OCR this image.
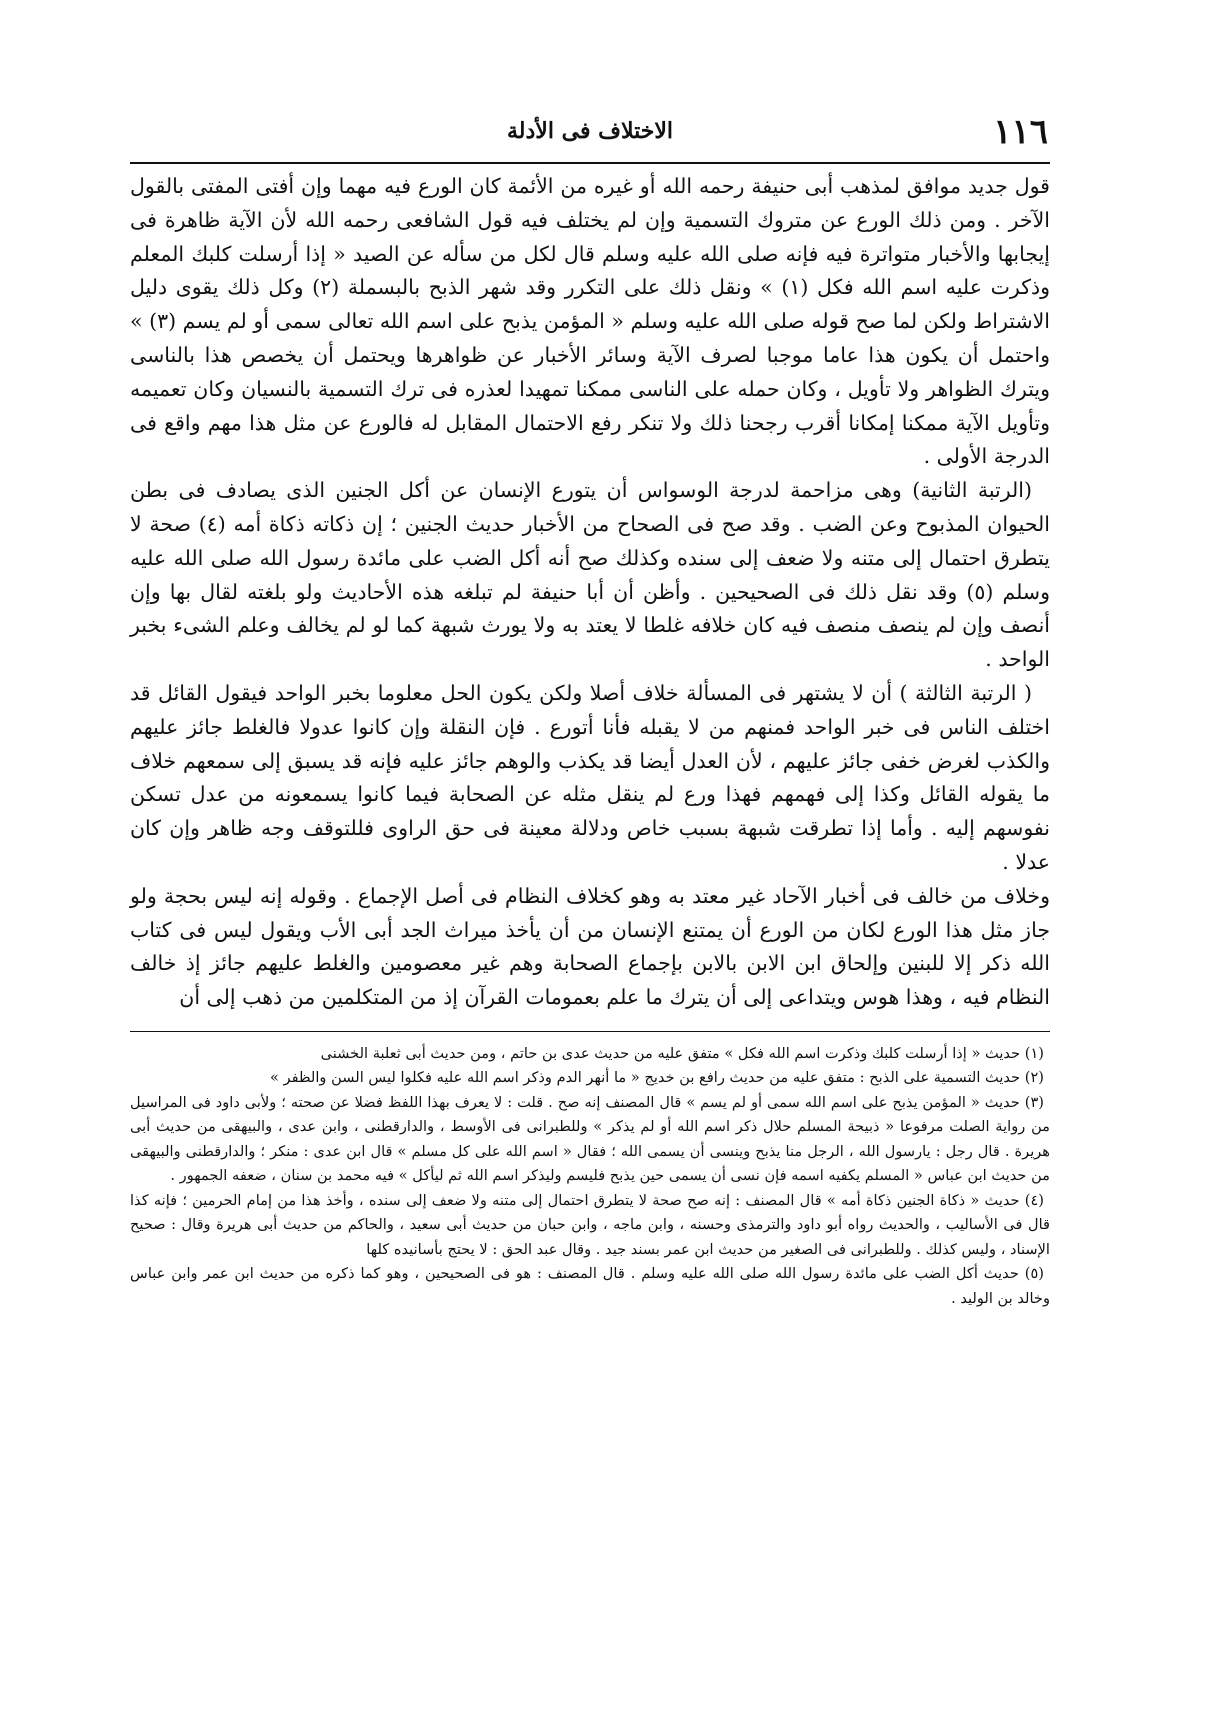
١١٦
الاختلاف فى الأدلة

قول جديد موافق لمذهب أبى حنيفة رحمه الله أو غيره من الأئمة كان الورع فيه مهما وإن أفتى المفتى بالقول الآخر . ومن ذلك الورع عن متروك التسمية وإن لم يختلف فيه قول الشافعى رحمه الله لأن الآية ظاهرة فى إيجابها والأخبار متواترة فيه فإنه صلى الله عليه وسلم قال لكل من سأله عن الصيد « إذا أرسلت كلبك المعلم وذكرت عليه اسم الله فكل (١) » ونقل ذلك على التكرر وقد شهر الذبح بالبسملة (٢) وكل ذلك يقوى دليل الاشتراط ولكن لما صح قوله صلى الله عليه وسلم « المؤمن يذبح على اسم الله تعالى سمى أو لم يسم (٣) » واحتمل أن يكون هذا عاما موجبا لصرف الآية وسائر الأخبار عن ظواهرها ويحتمل أن يخصص هذا بالناسى ويترك الظواهر ولا تأويل ، وكان حمله على الناسى ممكنا تمهيدا لعذره فى ترك التسمية بالنسيان وكان تعميمه وتأويل الآية ممكنا إمكانا أقرب رجحنا ذلك ولا تنكر رفع الاحتمال المقابل له فالورع عن مثل هذا مهم واقع فى الدرجة الأولى .

(الرتبة الثانية) وهى مزاحمة لدرجة الوسواس أن يتورع الإنسان عن أكل الجنين الذى يصادف فى بطن الحيوان المذبوح وعن الضب . وقد صح فى الصحاح من الأخبار حديث الجنين ؛ إن ذكاته ذكاة أمه (٤) صحة لا يتطرق احتمال إلى متنه ولا ضعف إلى سنده وكذلك صح أنه أكل الضب على مائدة رسول الله صلى الله عليه وسلم (٥) وقد نقل ذلك فى الصحيحين . وأظن أن أبا حنيفة لم تبلغه هذه الأحاديث ولو بلغته لقال بها وإن أنصف وإن لم ينصف منصف فيه كان خلافه غلطا لا يعتد به ولا يورث شبهة كما لو لم يخالف وعلم الشىء بخبر الواحد .

( الرتبة الثالثة ) أن لا يشتهر فى المسألة خلاف أصلا ولكن يكون الحل معلوما بخبر الواحد فيقول القائل قد اختلف الناس فى خبر الواحد فمنهم من لا يقبله فأنا أتورع . فإن النقلة وإن كانوا عدولا فالغلط جائز عليهم والكذب لغرض خفى جائز عليهم ، لأن العدل أيضا قد يكذب والوهم جائز عليه فإنه قد يسبق إلى سمعهم خلاف ما يقوله القائل وكذا إلى فهمهم فهذا ورع لم ينقل مثله عن الصحابة فيما كانوا يسمعونه من عدل تسكن نفوسهم إليه . وأما إذا تطرقت شبهة بسبب خاص ودلالة معينة فى حق الراوى فللتوقف وجه ظاهر وإن كان عدلا .

وخلاف من خالف فى أخبار الآحاد غير معتد به وهو كخلاف النظام فى أصل الإجماع . وقوله إنه ليس بحجة ولو جاز مثل هذا الورع لكان من الورع أن يمتنع الإنسان من أن يأخذ ميراث الجد أبى الأب ويقول ليس فى كتاب الله ذكر إلا للبنين وإلحاق ابن الابن بالابن بإجماع الصحابة وهم غير معصومين والغلط عليهم جائز إذ خالف النظام فيه ، وهذا هوس ويتداعى إلى أن يترك ما علم بعمومات القرآن إذ من المتكلمين من ذهب إلى أن

(١) حديث « إذا أرسلت كلبك وذكرت اسم الله فكل » متفق عليه من حديث عدى بن حاتم ، ومن حديث أبى ثعلبة الخشنى

(٢) حديث التسمية على الذبح : متفق عليه من حديث رافع بن خديج « ما أنهر الدم وذكر اسم الله عليه فكلوا ليس السن والظفر »

(٣) حديث « المؤمن يذبح على اسم الله سمى أو لم يسم » قال المصنف إنه صح . قلت : لا يعرف بهذا اللفظ فضلا عن صحته ؛ ولأبى داود فى المراسيل من رواية الصلت مرفوعا « ذبيحة المسلم حلال ذكر اسم الله أو لم يذكر » وللطبرانى فى الأوسط ، والدارقطنى ، وابن عدى ، والبيهقى من حديث أبى هريرة . قال رجل : يارسول الله ، الرجل منا يذبح وينسى أن يسمى الله ؛ فقال « اسم الله على كل مسلم » قال ابن عدى : منكر ؛ والدارقطنى والبيهقى من حديث ابن عباس « المسلم يكفيه اسمه فإن نسى أن يسمى حين يذبح فليسم وليذكر اسم الله ثم ليأكل » فيه محمد بن سنان ، ضعفه الجمهور .

(٤) حديث « ذكاة الجنين ذكاة أمه » قال المصنف : إنه صح صحة لا يتطرق احتمال إلى متنه ولا ضعف إلى سنده ، وأخذ هذا من إمام الحرمين ؛ فإنه كذا قال فى الأساليب ، والحديث رواه أبو داود والترمذى وحسنه ، وابن ماجه ، وابن حبان من حديث أبى سعيد ، والحاكم من حديث أبى هريرة وقال : صحيح الإسناد ، وليس كذلك . وللطبرانى فى الصغير من حديث ابن عمر بسند جيد . وقال عبد الحق : لا يحتج بأسانيده كلها

(٥) حديث أكل الضب على مائدة رسول الله صلى الله عليه وسلم . قال المصنف : هو فى الصحيحين ، وهو كما ذكره من حديث ابن عمر وابن عباس وخالد بن الوليد .
